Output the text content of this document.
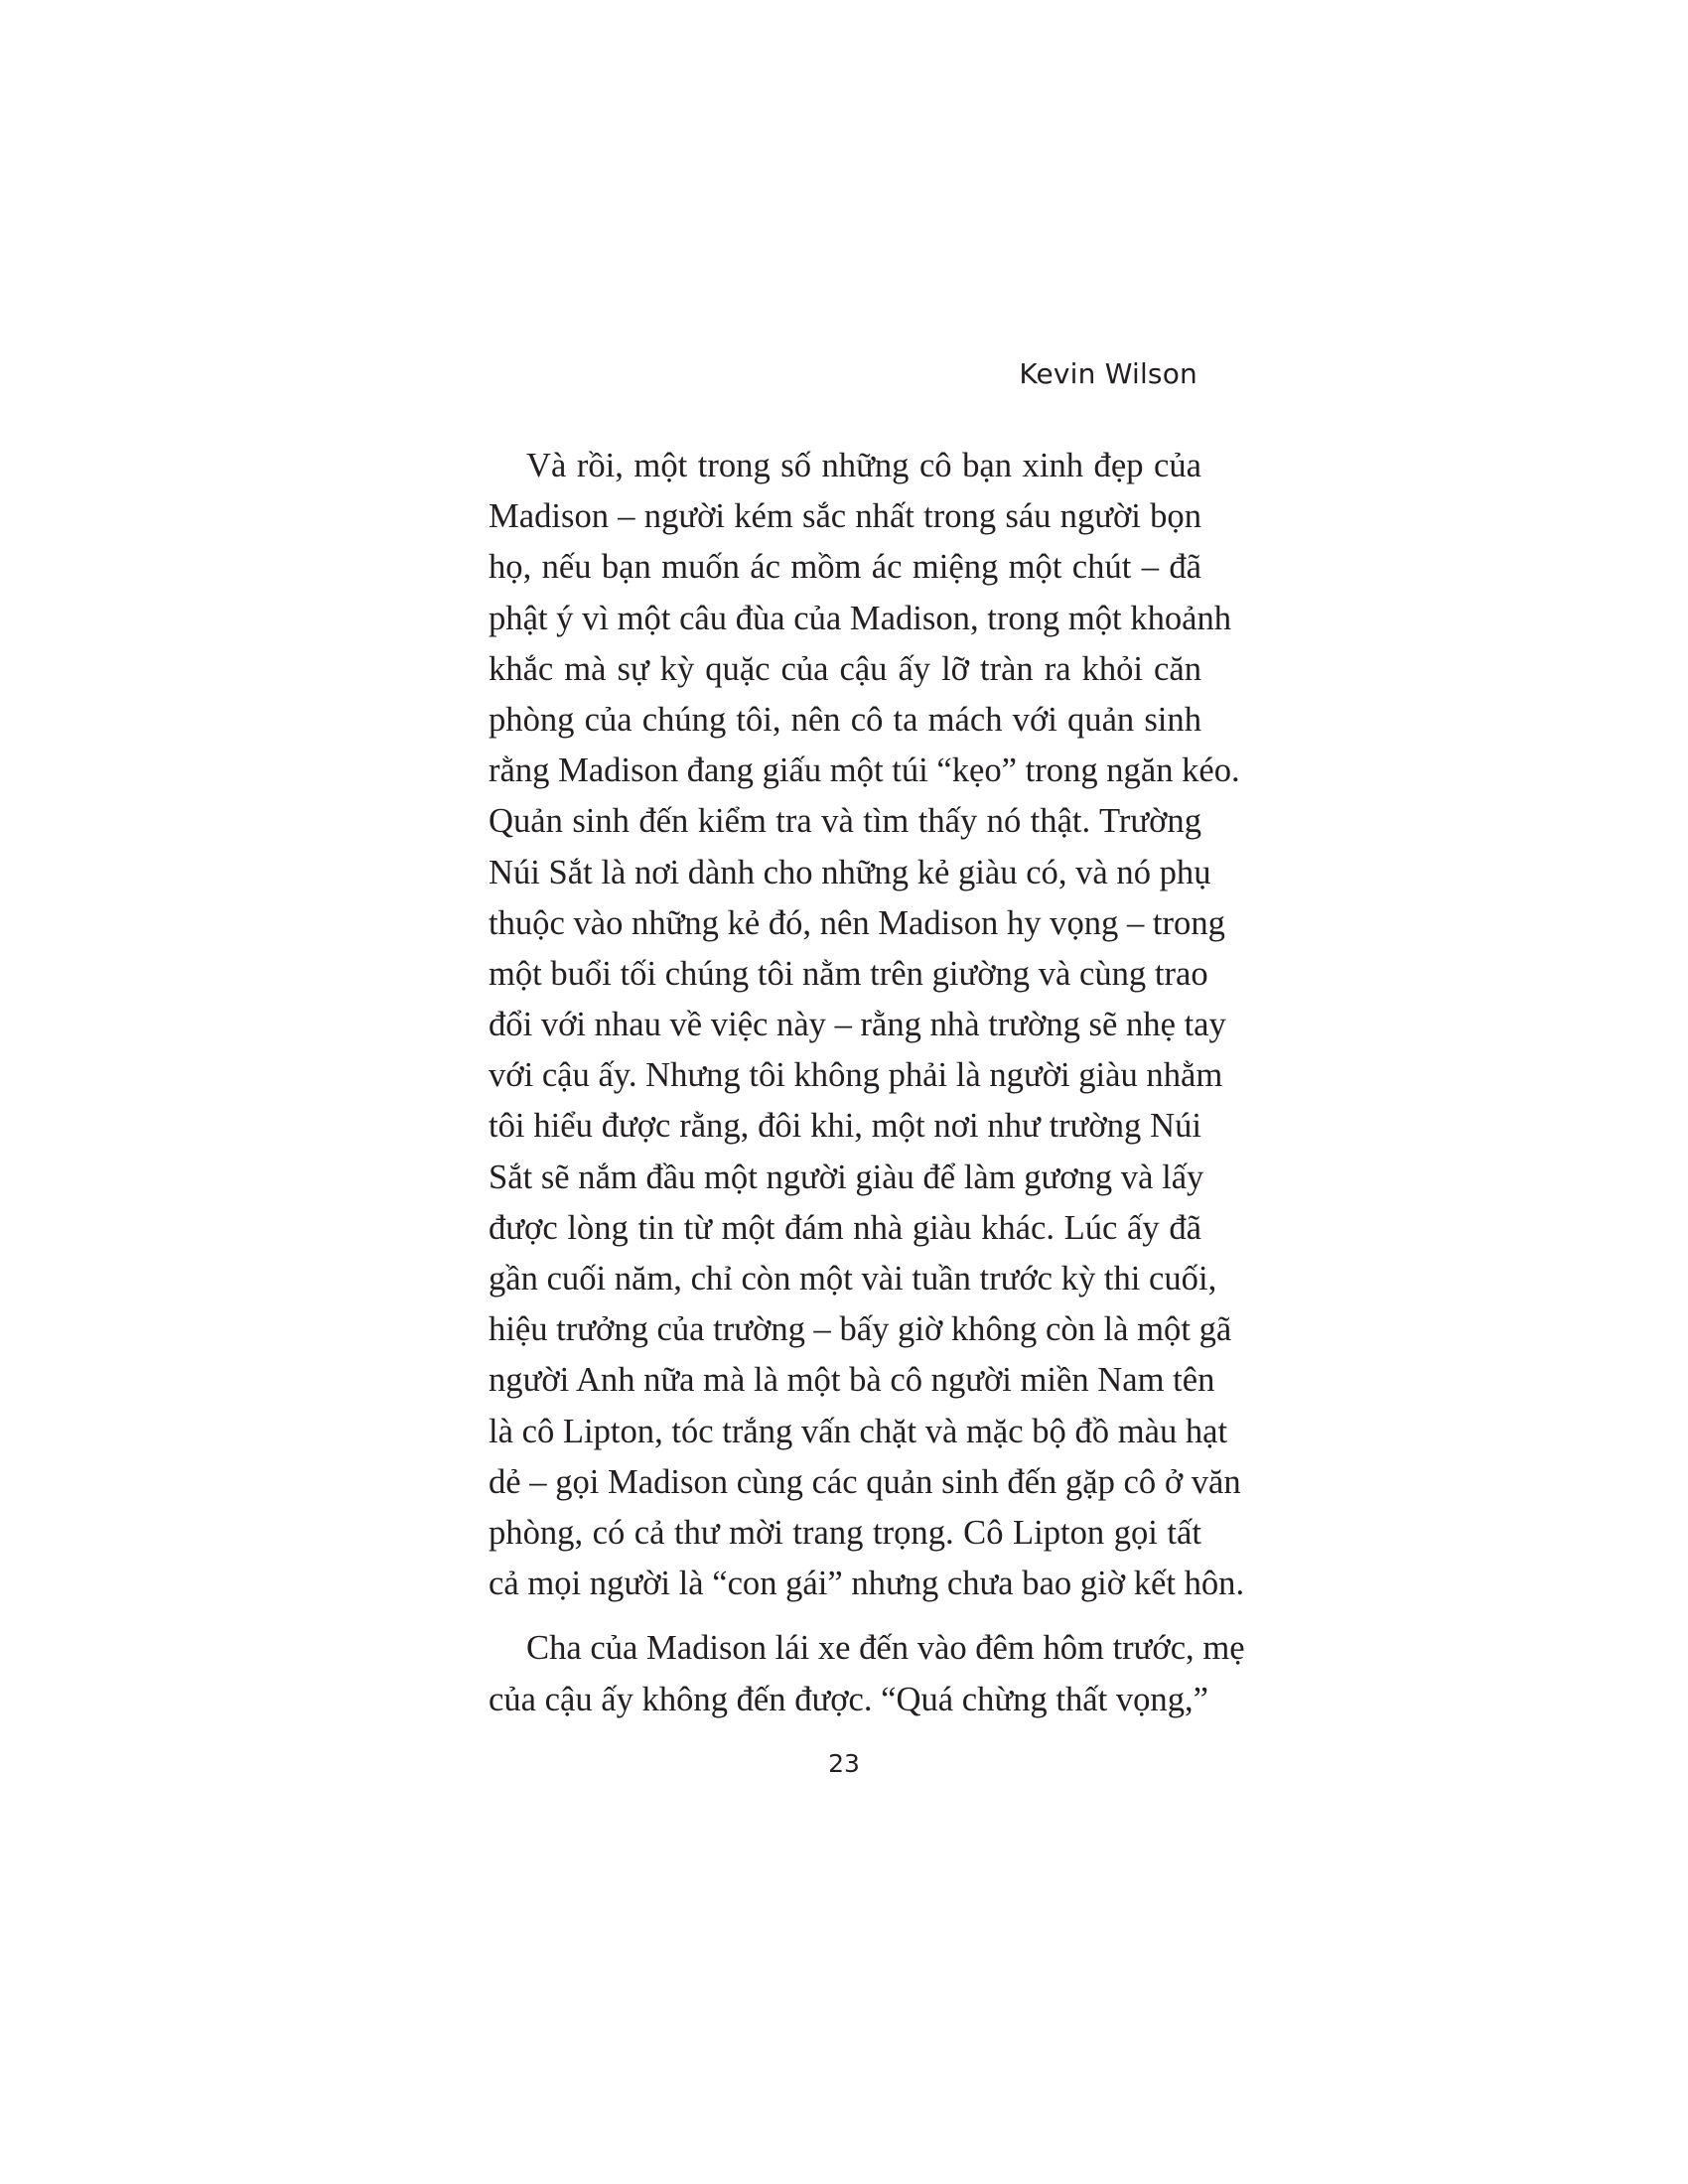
Kevin Wilson
Và rồi, một trong số những cô bạn xinh đẹp của
Madison – người kém sắc nhất trong sáu người bọn
họ, nếu bạn muốn ác mồm ác miệng một chút – đã
phật ý vì một câu đùa của Madison, trong một khoảnh
khắc mà sự kỳ quặc của cậu ấy lỡ tràn ra khỏi căn
phòng của chúng tôi, nên cô ta mách với quản sinh
rằng Madison đang giấu một túi “kẹo” trong ngăn kéo.
Quản sinh đến kiểm tra và tìm thấy nó thật. Trường
Núi Sắt là nơi dành cho những kẻ giàu có, và nó phụ
thuộc vào những kẻ đó, nên Madison hy vọng – trong
một buổi tối chúng tôi nằm trên giường và cùng trao
đổi với nhau về việc này – rằng nhà trường sẽ nhẹ tay
với cậu ấy. Nhưng tôi không phải là người giàu nhằm
tôi hiểu được rằng, đôi khi, một nơi như trường Núi
Sắt sẽ nắm đầu một người giàu để làm gương và lấy
được lòng tin từ một đám nhà giàu khác. Lúc ấy đã
gần cuối năm, chỉ còn một vài tuần trước kỳ thi cuối,
hiệu trưởng của trường – bấy giờ không còn là một gã
người Anh nữa mà là một bà cô người miền Nam tên
là cô Lipton, tóc trắng vấn chặt và mặc bộ đồ màu hạt
dẻ – gọi Madison cùng các quản sinh đến gặp cô ở văn
phòng, có cả thư mời trang trọng. Cô Lipton gọi tất
cả mọi người là “con gái” nhưng chưa bao giờ kết hôn.
Cha của Madison lái xe đến vào đêm hôm trước, mẹ
của cậu ấy không đến được. “Quá chừng thất vọng,”
23
